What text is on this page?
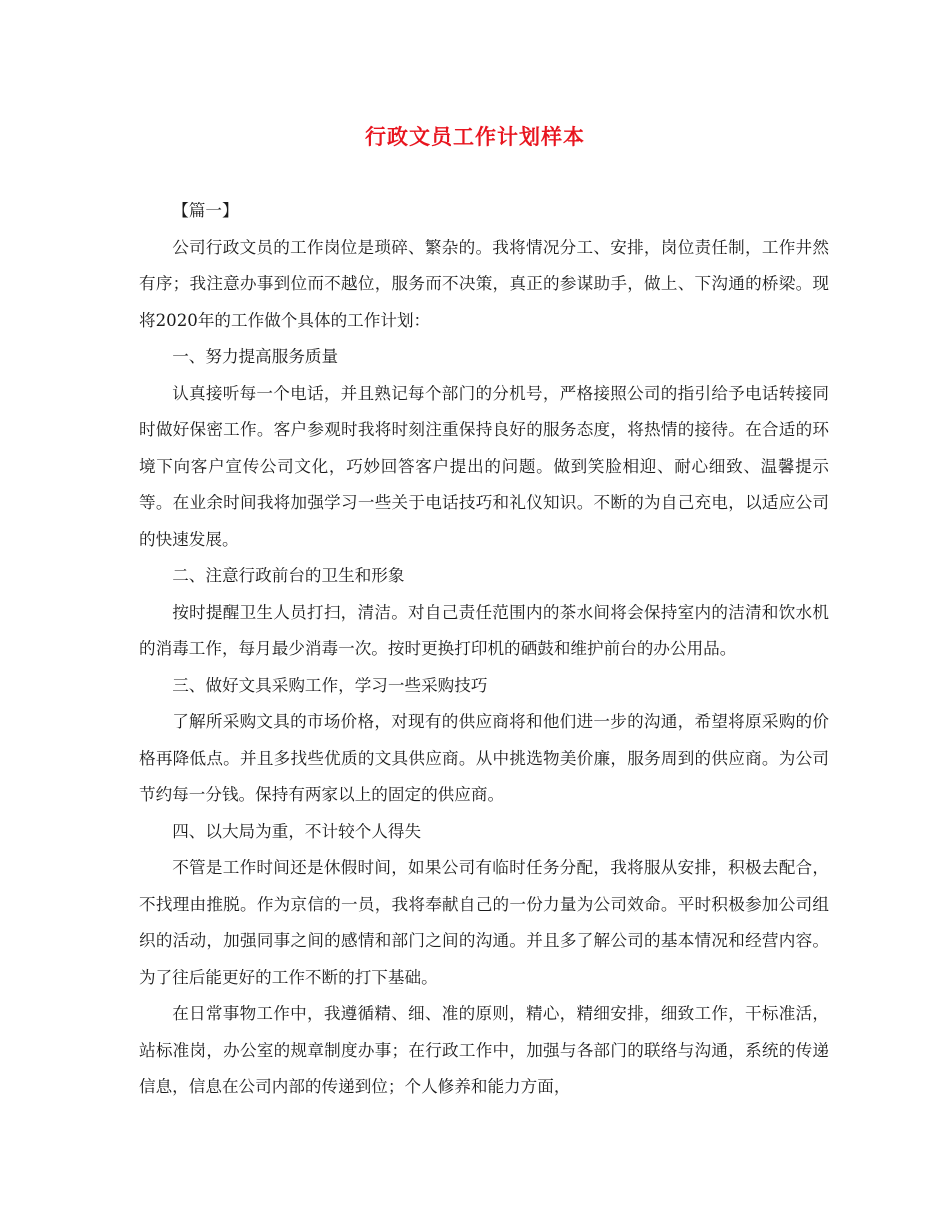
行政文员工作计划样本

【篇一】

公司行政文员的工作岗位是琐碎、繁杂的。我将情况分工、安排，岗位责任制，工作井然有序；我注意办事到位而不越位，服务而不决策，真正的参谋助手，做上、下沟通的桥梁。现将2020年的工作做个具体的工作计划：

一、努力提高服务质量

认真接听每一个电话，并且熟记每个部门的分机号，严格接照公司的指引给予电话转接同时做好保密工作。客户参观时我将时刻注重保持良好的服务态度，将热情的接待。在合适的环境下向客户宣传公司文化，巧妙回答客户提出的问题。做到笑脸相迎、耐心细致、温馨提示等。在业余时间我将加强学习一些关于电话技巧和礼仪知识。不断的为自己充电，以适应公司的快速发展。

二、注意行政前台的卫生和形象

按时提醒卫生人员打扫，清洁。对自己责任范围内的茶水间将会保持室内的洁清和饮水机的消毒工作，每月最少消毒一次。按时更换打印机的硒鼓和维护前台的办公用品。

三、做好文具采购工作，学习一些采购技巧

了解所采购文具的市场价格，对现有的供应商将和他们进一步的沟通，希望将原采购的价格再降低点。并且多找些优质的文具供应商。从中挑选物美价廉，服务周到的供应商。为公司节约每一分钱。保持有两家以上的固定的供应商。

四、以大局为重，不计较个人得失

不管是工作时间还是休假时间，如果公司有临时任务分配，我将服从安排，积极去配合，不找理由推脱。作为京信的一员，我将奉献自己的一份力量为公司效命。平时积极参加公司组织的活动，加强同事之间的感情和部门之间的沟通。并且多了解公司的基本情况和经营内容。为了往后能更好的工作不断的打下基础。

在日常事物工作中，我遵循精、细、准的原则，精心，精细安排，细致工作，干标准活，站标准岗，办公室的规章制度办事；在行政工作中，加强与各部门的联络与沟通，系统的传递信息，信息在公司内部的传递到位；个人修养和能力方面，
